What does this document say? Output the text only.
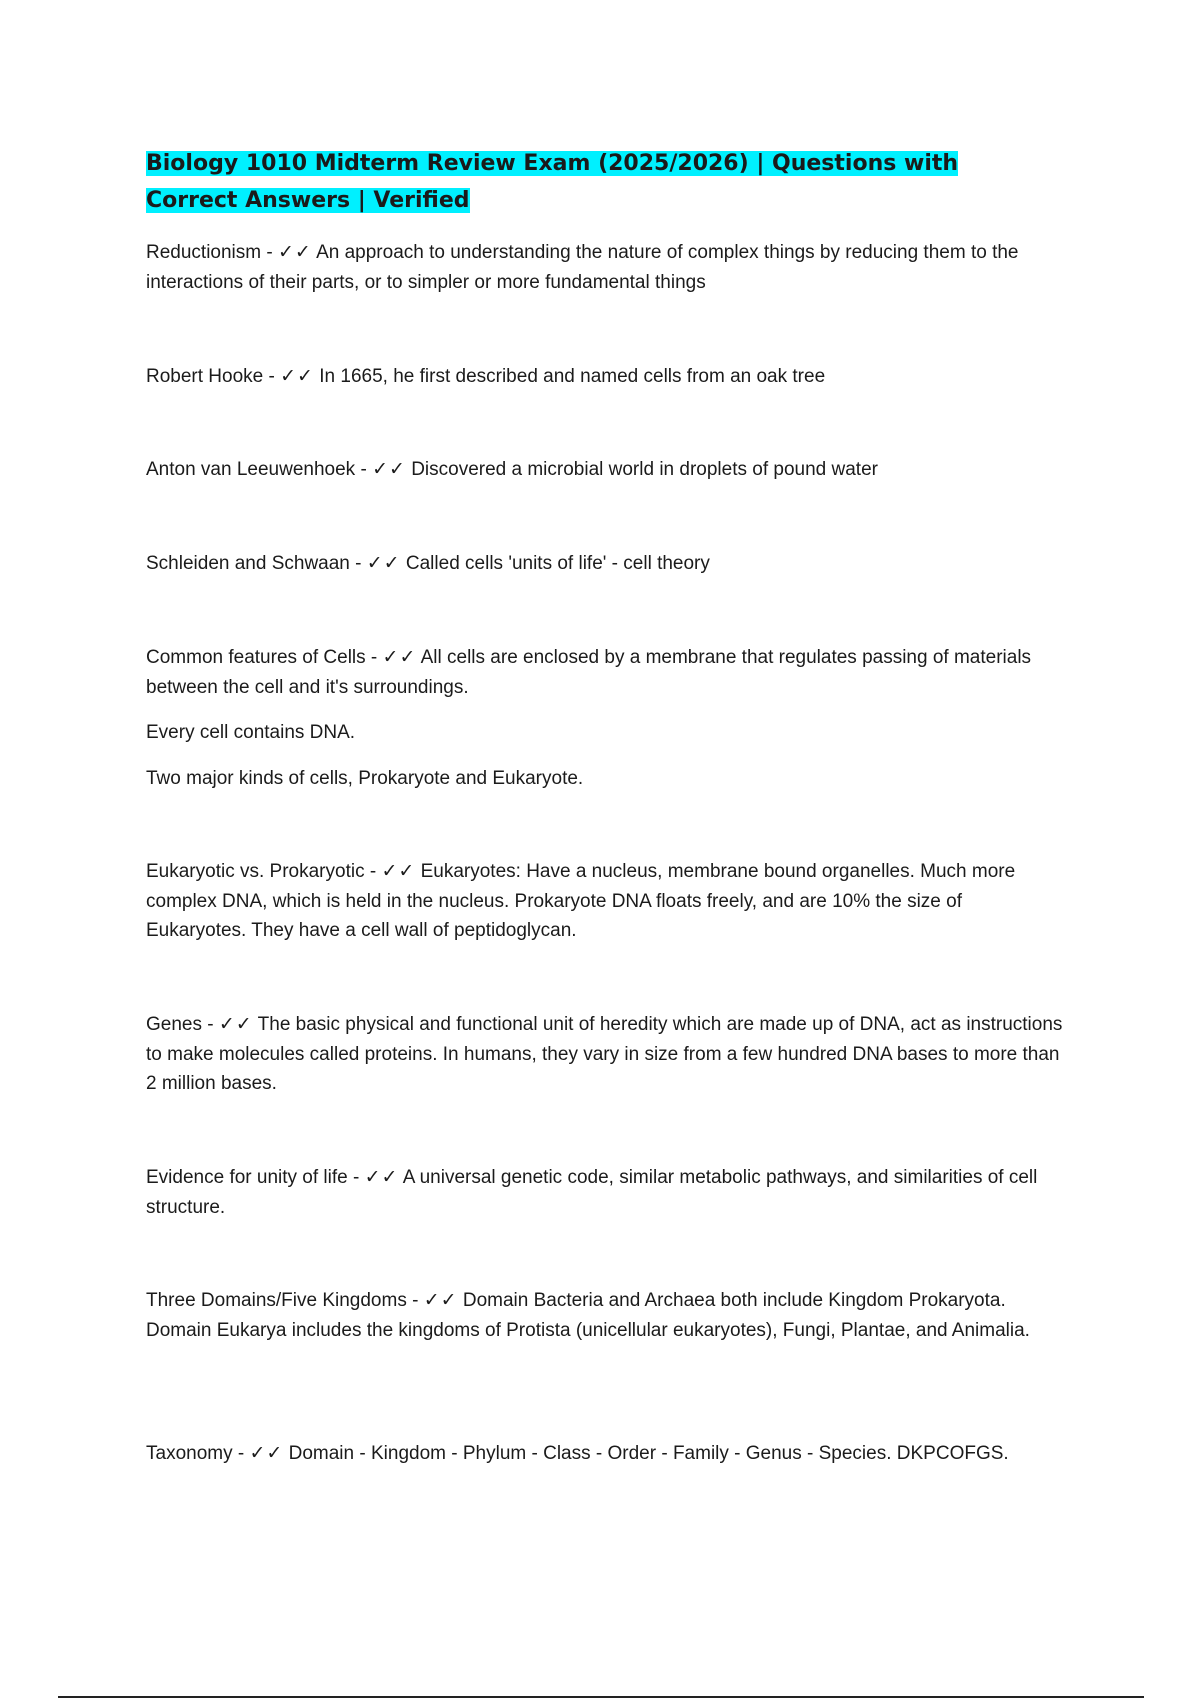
Biology 1010 Midterm Review Exam (2025/2026) | Questions with Correct Answers | Verified
Reductionism - ✓✓ An approach to understanding the nature of complex things by reducing them to the interactions of their parts, or to simpler or more fundamental things
Robert Hooke - ✓✓ In 1665, he first described and named cells from an oak tree
Anton van Leeuwenhoek - ✓✓ Discovered a microbial world in droplets of pound water
Schleiden and Schwaan - ✓✓ Called cells 'units of life' - cell theory
Common features of Cells - ✓✓ All cells are enclosed by a membrane that regulates passing of materials between the cell and it's surroundings.
Every cell contains DNA.
Two major kinds of cells, Prokaryote and Eukaryote.
Eukaryotic vs. Prokaryotic - ✓✓ Eukaryotes: Have a nucleus, membrane bound organelles. Much more complex DNA, which is held in the nucleus. Prokaryote DNA floats freely, and are 10% the size of Eukaryotes. They have a cell wall of peptidoglycan.
Genes - ✓✓ The basic physical and functional unit of heredity which are made up of DNA, act as instructions to make molecules called proteins. In humans, they vary in size from a few hundred DNA bases to more than 2 million bases.
Evidence for unity of life - ✓✓ A universal genetic code, similar metabolic pathways, and similarities of cell structure.
Three Domains/Five Kingdoms - ✓✓ Domain Bacteria and Archaea both include Kingdom Prokaryota. Domain Eukarya includes the kingdoms of Protista (unicellular eukaryotes), Fungi, Plantae, and Animalia.
Taxonomy - ✓✓ Domain - Kingdom - Phylum - Class - Order - Family - Genus - Species. DKPCOFGS.
